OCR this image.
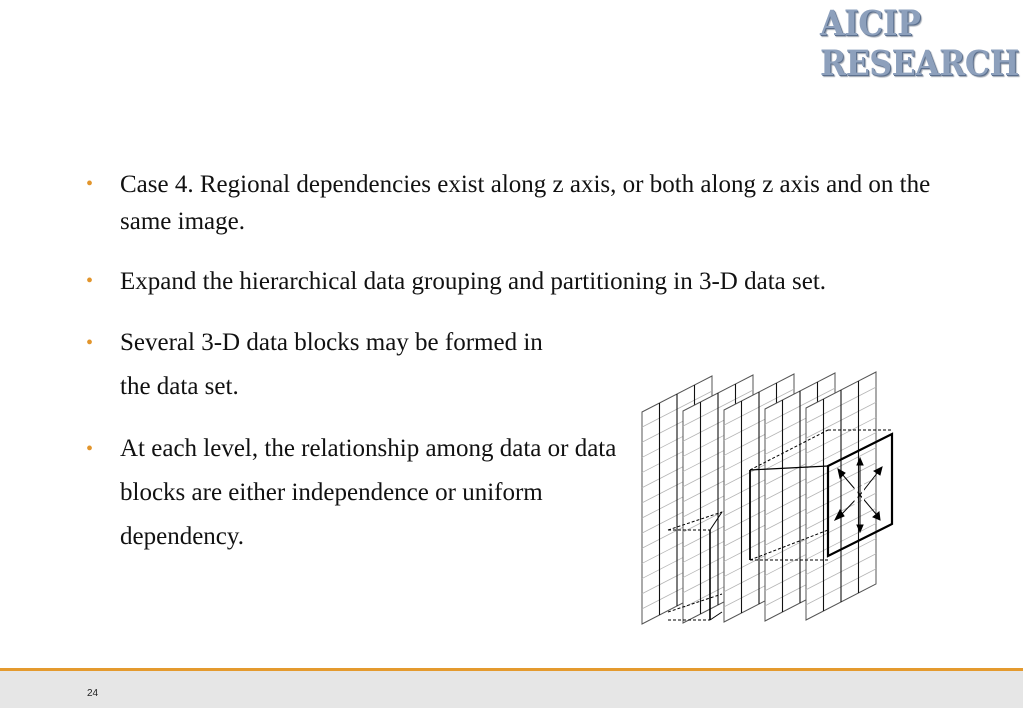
AICIP
RESEARCH
• Case 4. Regional dependencies exist along z axis, or both along z axis and on the same image.
• Expand the hierarchical data grouping and partitioning in 3-D data set.
• Several 3-D data blocks may be formed in the data set.
• At each level, the relationship among data or data blocks are either independence or uniform dependency.
24
